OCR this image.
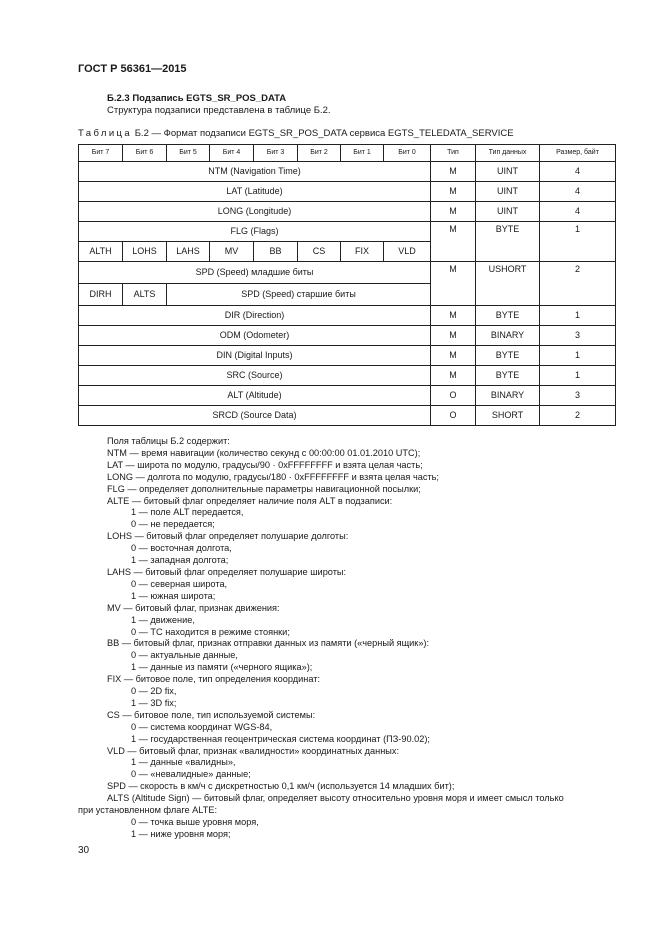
ГОСТ Р 56361—2015
Б.2.3 Подзапись EGTS_SR_POS_DATA
Структура подзаписи представлена в таблице Б.2.
Таблица Б.2 — Формат подзаписи EGTS_SR_POS_DATA сервиса EGTS_TELEDATA_SERVICE
Бит 7	Бит 6	Бит 5	Бит 4	Бит 3	Бит 2	Бит 1	Бит 0	Тип	Тип данных	Размер, байт
NTM (Navigation Time)								M	UINT	4
LAT (Latitude)								M	UINT	4
LONG (Longitude)								M	UINT	4
FLG (Flags)								M	BYTE	1
ALTH	LOHS	LAHS	MV	BB	CS	FIX	VLD			
SPD (Speed) младшие биты								M	USHORT	2
DIRH	ALTS	SPD (Speed) старшие биты								
DIR (Direction)								M	BYTE	1
ODM (Odometer)								M	BINARY	3
DIN (Digital Inputs)								M	BYTE	1
SRC (Source)								M	BYTE	1
ALT (Altitude)								O	BINARY	3
SRCD (Source Data)								O	SHORT	2
Поля таблицы Б.2 содержит:
NTM — время навигации (количество секунд с 00:00:00 01.01.2010 UTC);
LAT — широта по модулю, градусы/90 · 0xFFFFFFFF и взята целая часть;
LONG — долгота по модулю, градусы/180 · 0xFFFFFFFF и взята целая часть;
FLG — определяет дополнительные параметры навигационной посылки;
ALTE — битовый флаг определяет наличие поля ALT в подзаписи:
1 — поле ALT передается,
0 — не передается;
LOHS — битовый флаг определяет полушарие долготы:
0 — восточная долгота,
1 — западная долгота;
LAHS — битовый флаг определяет полушарие широты:
0 — северная широта,
1 — южная широта;
MV — битовый флаг, признак движения:
1 — движение,
0 — ТС находится в режиме стоянки;
BB — битовый флаг, признак отправки данных из памяти («черный ящик»):
0 — актуальные данные,
1 — данные из памяти («черного ящика»);
FIX — битовое поле, тип определения координат:
0 — 2D fix,
1 — 3D fix;
CS — битовое поле, тип используемой системы:
0 — система координат WGS-84,
1 — государственная геоцентрическая система координат (ПЗ-90.02);
VLD — битовый флаг, признак «валидности» координатных данных:
1 — данные «валидны»,
0 — «невалидные» данные;
SPD — скорость в км/ч с дискретностью 0,1 км/ч (используется 14 младших бит);
ALTS (Altitude Sign) — битовый флаг, определяет высоту относительно уровня моря и имеет смысл только
при установленном флаге ALTE:
0 — точка выше уровня моря,
1 — ниже уровня моря;
30
